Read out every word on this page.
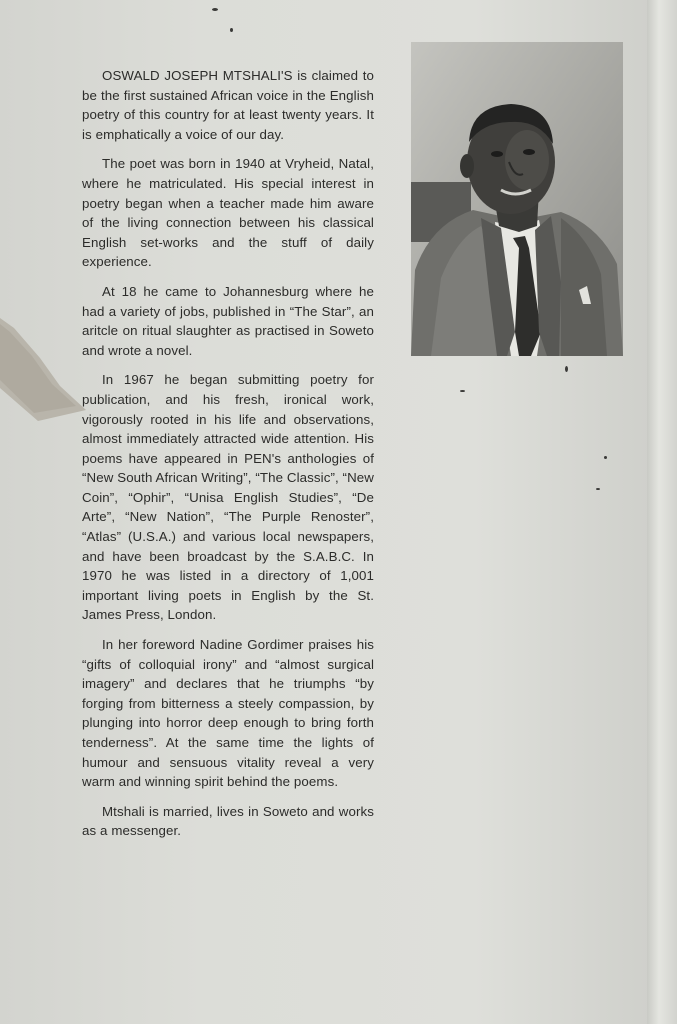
OSWALD JOSEPH MTSHALI'S is claimed to be the first sustained African voice in the English poetry of this country for at least twenty years. It is emphatically a voice of our day.

The poet was born in 1940 at Vryheid, Natal, where he matriculated. His special interest in poetry began when a teacher made him aware of the living connection between his classical English set-works and the stuff of daily experience.

At 18 he came to Johannesburg where he had a variety of jobs, published in “The Star”, an aritcle on ritual slaughter as practised in Soweto and wrote a novel.

In 1967 he began submitting poetry for publication, and his fresh, ironical work, vigorously rooted in his life and observations, almost immediately attracted wide attention. His poems have appeared in PEN's anthologies of “New South African Writing”, “The Classic”, “New Coin”, “Ophir”, “Unisa English Studies”, “De Arte”, “New Nation”, “The Purple Renoster”, “Atlas” (U.S.A.) and various local newspapers, and have been broadcast by the S.A.B.C. In 1970 he was listed in a directory of 1,001 important living poets in English by the St. James Press, London.

In her foreword Nadine Gordimer praises his “gifts of colloquial irony” and “almost surgical imagery” and declares that he triumphs “by forging from bitterness a steely compassion, by plunging into horror deep enough to bring forth tenderness”. At the same time the lights of humour and sensuous vitality reveal a very warm and winning spirit behind the poems.

Mtshali is married, lives in Soweto and works as a messenger.
